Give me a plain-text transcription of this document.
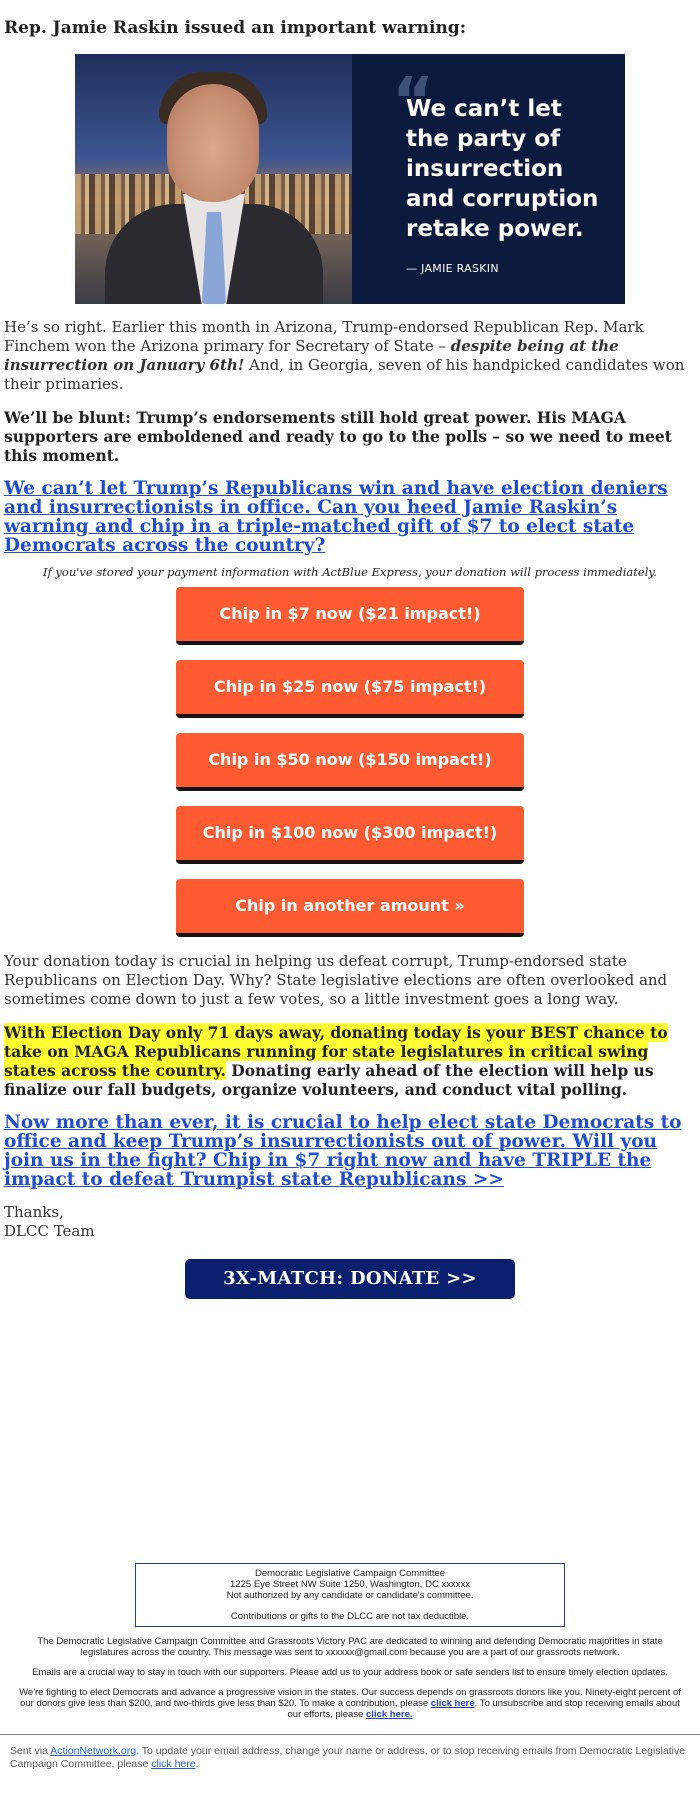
Rep. Jamie Raskin issued an important warning:
“
We can’t let the party of insurrection and corruption retake power.
— JAMIE RASKIN

He’s so right. Earlier this month in Arizona, Trump-endorsed Republican Rep. Mark Finchem won the Arizona primary for Secretary of State – despite being at the insurrection on January 6th! And, in Georgia, seven of his handpicked candidates won their primaries.

We’ll be blunt: Trump’s endorsements still hold great power. His MAGA supporters are emboldened and ready to go to the polls – so we need to meet this moment.

We can’t let Trump’s Republicans win and have election deniers and insurrectionists in office. Can you heed Jamie Raskin’s warning and chip in a triple-matched gift of $7 to elect state Democrats across the country?
If you've stored your payment information with ActBlue Express, your donation will process immediately.
Chip in $7 now ($21 impact!)
Chip in $25 now ($75 impact!)
Chip in $50 now ($150 impact!)
Chip in $100 now ($300 impact!)
Chip in another amount »

Your donation today is crucial in helping us defeat corrupt, Trump-endorsed state Republicans on Election Day. Why? State legislative elections are often overlooked and sometimes come down to just a few votes, so a little investment goes a long way.

With Election Day only 71 days away, donating today is your BEST chance to take on MAGA Republicans running for state legislatures in critical swing states across the country. Donating early ahead of the election will help us finalize our fall budgets, organize volunteers, and conduct vital polling.

Now more than ever, it is crucial to help elect state Democrats to office and keep Trump’s insurrectionists out of power. Will you join us in the fight? Chip in $7 right now and have TRIPLE the impact to defeat Trumpist state Republicans >>
Thanks,
DLCC Team
3X-MATCH: DONATE >>
Democratic Legislative Campaign Committee
1225 Eye Street NW Suite 1250, Washington, DC xxxxxx
Not authorized by any candidate or candidate's committee.
Contributions or gifts to the DLCC are not tax deductible.

The Democratic Legislative Campaign Committee and Grassroots Victory PAC are dedicated to winning and defending Democratic majorities in state legislatures across the country. This message was sent to xxxxxx@gmail.com because you are a part of our grassroots network.

Emails are a crucial way to stay in touch with our supporters. Please add us to your address book or safe senders list to ensure timely election updates.

We're fighting to elect Democrats and advance a progressive vision in the states. Our success depends on grassroots donors like you. Ninety-eight percent of our donors give less than $200, and two-thirds give less than $20. To make a contribution, please click here. To unsubscribe and stop receiving emails about our efforts, please click here.

Sent via ActionNetwork.org. To update your email address, change your name or address, or to stop receiving emails from Democratic Legislative Campaign Committee, please click here.
